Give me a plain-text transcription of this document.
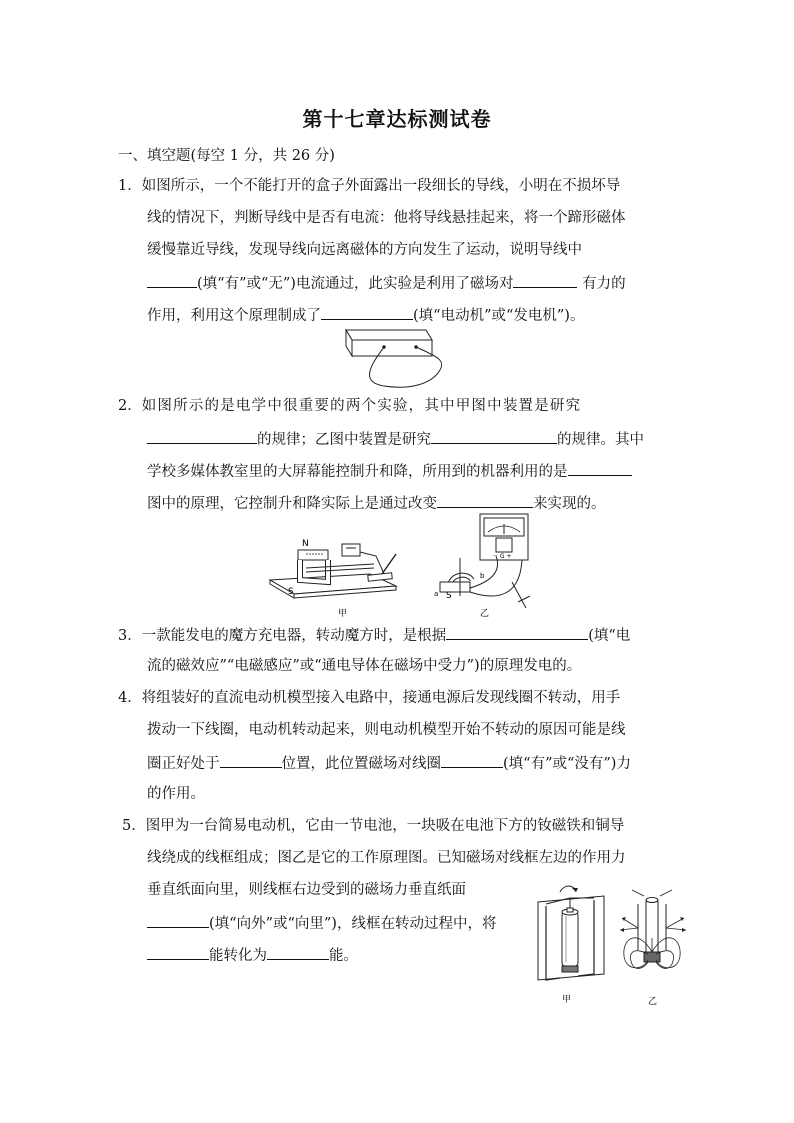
第十七章达标测试卷
一、填空题(每空 1 分，共 26 分)
1．如图所示，一个不能打开的盒子外面露出一段细长的导线，小明在不损坏导
线的情况下，判断导线中是否有电流：他将导线悬挂起来，将一个蹄形磁体
缓慢靠近导线，发现导线向远离磁体的方向发生了运动，说明导线中
(填“有”或“无”)电流通过，此实验是利用了磁场对	有力的
作用，利用这个原理制成了	(填“电动机”或“发电机”)。
2．如图所示的是电学中很重要的两个实验，其中甲图中装置是研究
的规律；乙图中装置是研究	的规律。其中
学校多媒体教室里的大屏幕能控制升和降，所用到的机器利用的是
图中的原理，它控制升和降实际上是通过改变	来实现的。
N
S
甲
－ G +
S
a
b
乙
3．一款能发电的魔方充电器，转动魔方时，是根据	(填“电
流的磁效应”“电磁感应”或“通电导体在磁场中受力”)的原理发电的。
4．将组装好的直流电动机模型接入电路中，接通电源后发现线圈不转动，用手
拨动一下线圈，电动机转动起来，则电动机模型开始不转动的原因可能是线
圈正好处于	位置，此位置磁场对线圈	(填“有”或“没有”)力
的作用。
5．图甲为一台简易电动机，它由一节电池，一块吸在电池下方的钕磁铁和铜导
线绕成的线框组成；图乙是它的工作原理图。已知磁场对线框左边的作用力
垂直纸面向里，则线框右边受到的磁场力垂直纸面
(填“向外”或“向里”)，线框在转动过程中，将
能转化为	能。
甲	乙
